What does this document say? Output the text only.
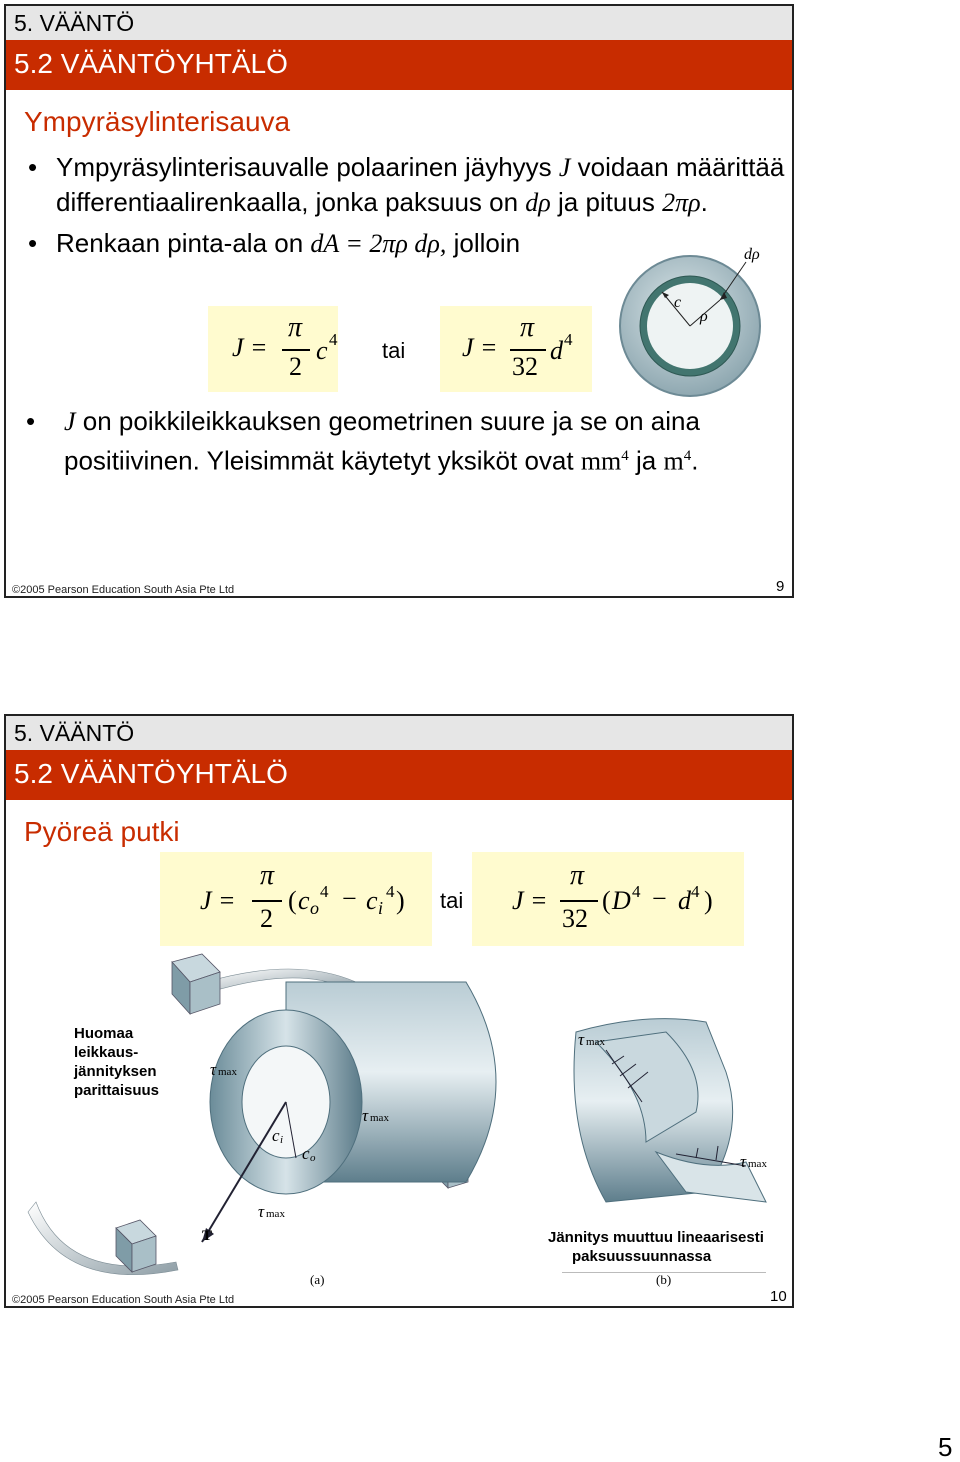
5. VÄÄNTÖ
5.2 VÄÄNTÖYHTÄLÖ
Ympyräsylinterisauva
• Ympyräsylinterisauvalle polaarinen jäyhyys J voidaan määrittää differentiaalirenkaalla, jonka paksuus on dρ ja pituus 2πρ.
• Renkaan pinta-ala on dA = 2πρ dρ, jolloin
J =
π
2
c 4 tai J =
π
32
d 4
dρ
c
ρ
• J on poikkileikkauksen geometrinen suure ja se on aina positiivinen. Yleisimmät käytetyt yksiköt ovat $mm^4$ ja $m^4$.
©2005 Pearson Education South Asia Pte Ltd	9
5. VÄÄNTÖ
5.2 VÄÄNTÖYHTÄLÖ
Pyöreä putki
J =
π
2
( c o
4 − c i
4 ) tai J =
π
32
( D 4 − d 4 )
τ max
τ max
c i
c o
τ max
T
(a)
τ max
τ max
(b)
Huomaa
leikkaus-
jännityksen
parittaisuus
Jännitys muuttuu lineaarisesti
paksuussuunnassa
©2005 Pearson Education South Asia Pte Ltd	10
5
